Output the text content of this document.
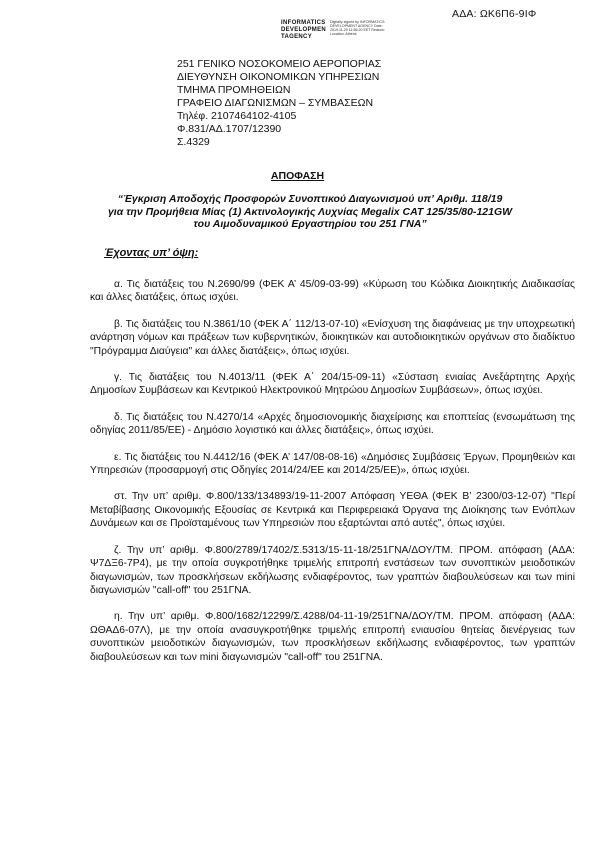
ΑΔΑ: ΩΚ6Π6-9ΙΦ
INFORMATICS
DEVELOPMEN
TAGENCY
Digitally signed by INFORMATICS DEVELOPMENT AGENCY Date: 2019.11.29 11:56:20 EET Reason: Location: Athens
251 ΓΕΝΙΚΟ ΝΟΣΟΚΟΜΕΙΟ ΑΕΡΟΠΟΡΙΑΣ
ΔΙΕΥΘΥΝΣΗ ΟΙΚΟΝΟΜΙΚΩΝ ΥΠΗΡΕΣΙΩΝ
ΤΜΗΜΑ ΠΡΟΜΗΘΕΙΩΝ
ΓΡΑΦΕΙΟ ΔΙΑΓΩΝΙΣΜΩΝ – ΣΥΜΒΑΣΕΩΝ
Τηλέφ. 2107464102-4105
Φ.831/ΑΔ.1707/12390
Σ.4329
ΑΠΟΦΑΣΗ
“Έγκριση Αποδοχής Προσφορών Συνοπτικού Διαγωνισμού υπ’ Αριθμ. 118/19
για την Προμήθεια Μίας (1) Ακτινολογικής Λυχνίας Megalix CAT 125/35/80-121GW
του Αιμοδυναμικού Εργαστηρίου του 251 ΓΝΑ”
Έχοντας υπ’ όψη:

α. Τις διατάξεις του Ν.2690/99 (ΦΕΚ Α’ 45/09-03-99) «Κύρωση του Κώδικα Διοικητικής Διαδικασίας και άλλες διατάξεις, όπως ισχύει.

β. Τις διατάξεις του Ν.3861/10 (ΦΕΚ Α΄ 112/13-07-10) «Ενίσχυση της διαφάνειας με την υποχρεωτική ανάρτηση νόμων και πράξεων των κυβερνητικών, διοικητικών και αυτοδιοικητικών οργάνων στο διαδίκτυο "Πρόγραμμα Διαύγεια" και άλλες διατάξεις», όπως ισχύει.

γ. Τις διατάξεις του Ν.4013/11 (ΦΕΚ Α΄ 204/15-09-11) «Σύσταση ενιαίας Ανεξάρτητης Αρχής Δημοσίων Συμβάσεων και Κεντρικού Ηλεκτρονικού Μητρώου Δημοσίων Συμβάσεων», όπως ισχύει.

δ. Τις διατάξεις του Ν.4270/14 «Αρχές δημοσιονομικής διαχείρισης και εποπτείας (ενσωμάτωση της οδηγίας 2011/85/ΕΕ) - Δημόσιο λογιστικό και άλλες διατάξεις», όπως ισχύει.

ε. Τις διατάξεις του Ν.4412/16 (ΦΕΚ Α’ 147/08-08-16) «Δημόσιες Συμβάσεις Έργων, Προμηθειών και Υπηρεσιών (προσαρμογή στις Οδηγίες 2014/24/ΕΕ και 2014/25/ΕΕ)», όπως ισχύει.

στ. Την υπ’ αριθμ. Φ.800/133/134893/19-11-2007 Απόφαση ΥΕΘΑ (ΦΕΚ Β’ 2300/03-12-07) "Περί Μεταβίβασης Οικονομικής Εξουσίας σε Κεντρικά και Περιφερειακά Όργανα της Διοίκησης των Ενόπλων Δυνάμεων και σε Προϊσταμένους των Υπηρεσιών που εξαρτώνται από αυτές", όπως ισχύει.

ζ. Την υπ’ αριθμ. Φ.800/2789/17402/Σ.5313/15-11-18/251ΓΝΑ/ΔΟΥ/ΤΜ. ΠΡΟΜ. απόφαση (ΑΔΑ: Ψ7ΔΞ6-7Ρ4), με την οποία συγκροτήθηκε τριμελής επιτροπή ενστάσεων των συνοπτικών μειοδοτικών διαγωνισμών, των προσκλήσεων εκδήλωσης ενδιαφέροντος, των γραπτών διαβουλεύσεων και των mini διαγωνισμών "call-off" του 251ΓΝΑ.

η. Την υπ’ αριθμ. Φ.800/1682/12299/Σ.4288/04-11-19/251ΓΝΑ/ΔΟΥ/ΤΜ. ΠΡΟΜ. απόφαση (ΑΔΑ: ΩΘΑΔ6-07Λ), με την οποία ανασυγκροτήθηκε τριμελής επιτροπή ενιαυσίου θητείας διενέργειας των συνοπτικών μειοδοτικών διαγωνισμών, των προσκλήσεων εκδήλωσης ενδιαφέροντος, των γραπτών διαβουλεύσεων και των mini διαγωνισμών "call-off" του 251ΓΝΑ.
